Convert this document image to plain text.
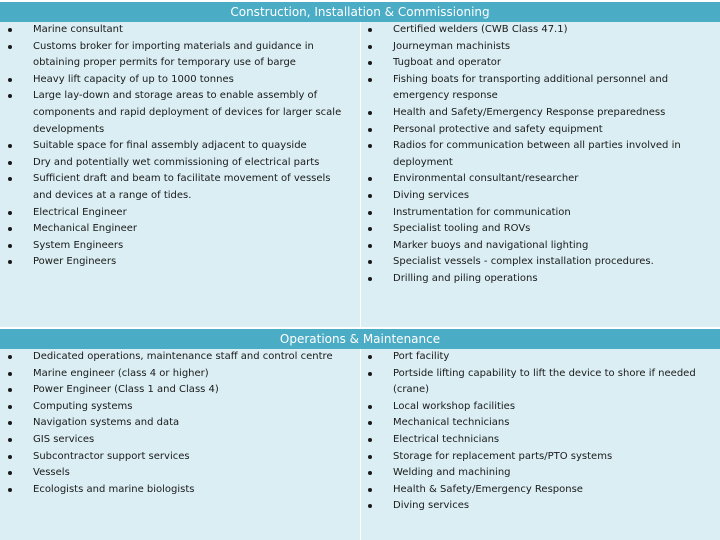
Construction, Installation & Commissioning
Marine consultant
Customs broker for importing materials and guidance in obtaining proper permits for temporary use of barge
Heavy lift capacity of up to 1000 tonnes
Large lay-down and storage areas to enable assembly of components and rapid deployment of devices for larger scale developments
Suitable space for final assembly adjacent to quayside
Dry and potentially wet commissioning of electrical parts
Sufficient draft and beam to facilitate movement of vessels and devices at a range of tides.
Electrical Engineer
Mechanical Engineer
System Engineers
Power Engineers
Certified welders (CWB Class 47.1)
Journeyman machinists
Tugboat and operator
Fishing boats for transporting additional personnel and emergency response
Health and Safety/Emergency Response preparedness
Personal protective and safety equipment
Radios for communication between all parties involved in deployment
Environmental consultant/researcher
Diving services
Instrumentation for communication
Specialist tooling and ROVs
Marker buoys and navigational lighting
Specialist vessels - complex installation procedures.
Drilling and piling operations
Operations & Maintenance
Dedicated operations, maintenance staff and control centre
Marine engineer (class 4 or higher)
Power Engineer (Class 1 and Class 4)
Computing systems
Navigation systems and data
GIS services
Subcontractor support services
Vessels
Ecologists and marine biologists
Port facility
Portside lifting capability to lift the device to shore if needed (crane)
Local workshop facilities
Mechanical technicians
Electrical technicians
Storage for replacement parts/PTO systems
Welding and machining
Health & Safety/Emergency Response
Diving services
